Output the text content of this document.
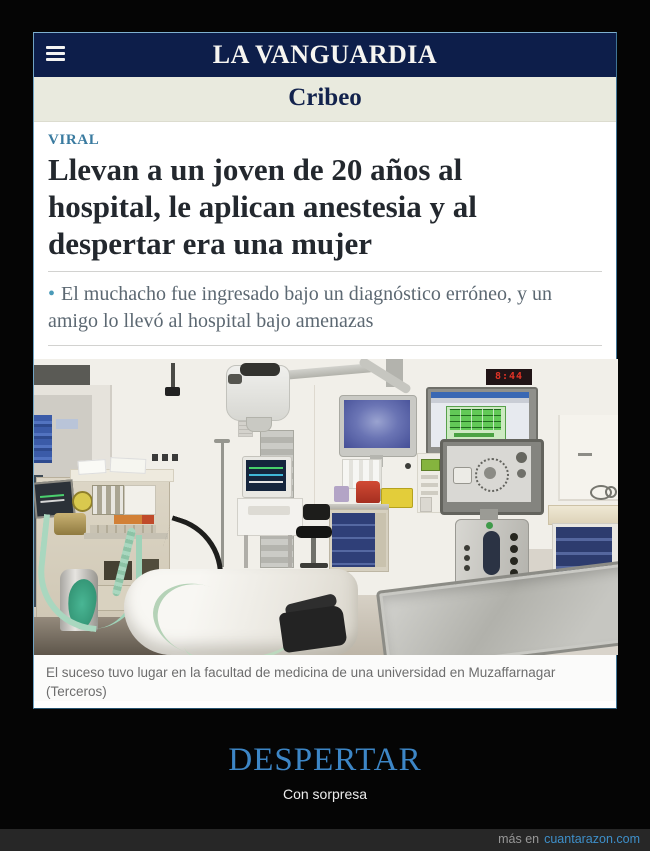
LA VANGUARDIA
Cribeo
VIRAL
Llevan a un joven de 20 años al
hospital, le aplican anestesia y al
despertar era una mujer
• El muchacho fue ingresado bajo un diagnóstico erróneo, y un
amigo lo llevó al hospital bajo amenazas
8:44
El suceso tuvo lugar en la facultad de medicina de una universidad en Muzaffarnagar
(Terceros)
DESPERTAR
Con sorpresa
más en cuantarazon.com
